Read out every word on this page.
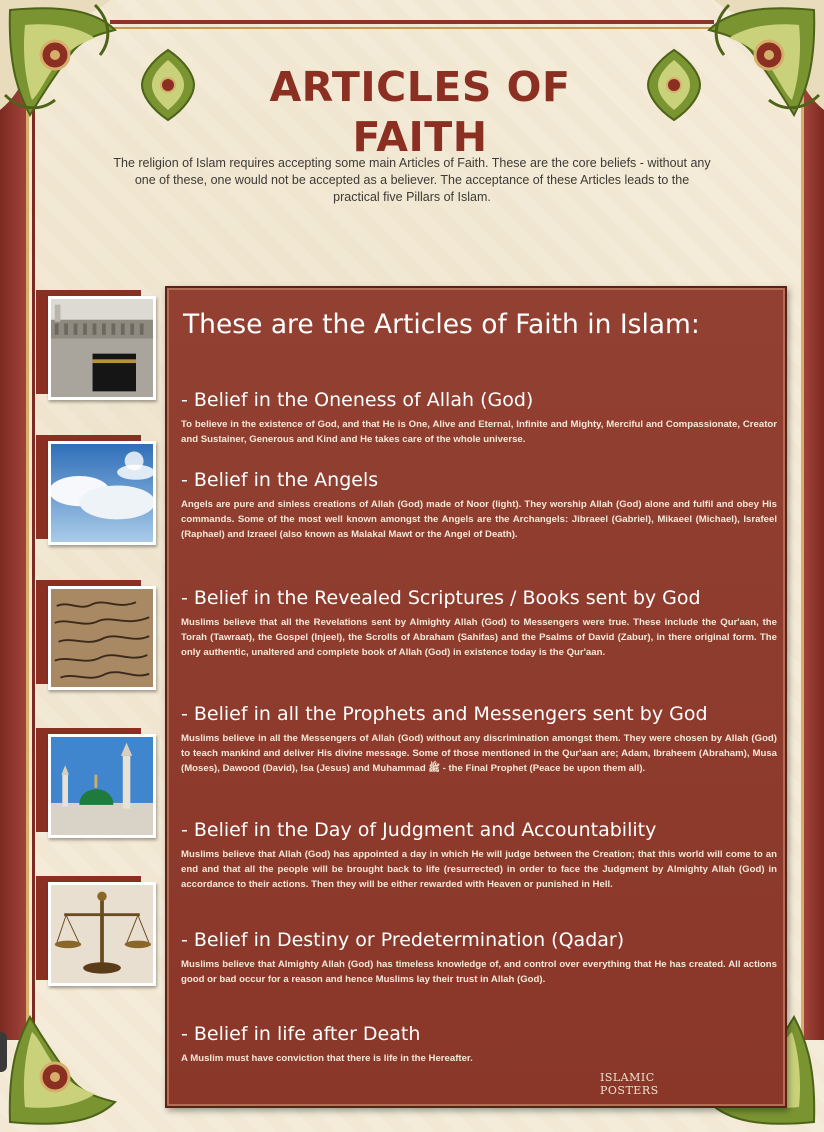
ARTICLES OF FAITH
The religion of Islam requires accepting some main Articles of Faith. These are the core beliefs - without any one of these, one would not be accepted as a believer. The acceptance of these Articles leads to the practical five Pillars of Islam.
These are the Articles of Faith in Islam:
- Belief in the Oneness of Allah (God)
To believe in the existence of God, and that He is One, Alive and Eternal, Infinite and Mighty, Merciful and Compassionate, Creator and Sustainer, Generous and Kind and He takes care of the whole universe.
- Belief in the Angels
Angels are pure and sinless creations of Allah (God) made of Noor (light). They worship Allah (God) alone and fulfil and obey His commands. Some of the most well known amongst the Angels are the Archangels: Jibraeel (Gabriel), Mikaeel (Michael), Israfeel (Raphael) and Izraeel (also known as Malakal Mawt or the Angel of Death).
- Belief in the Revealed Scriptures / Books sent by God
Muslims believe that all the Revelations sent by Almighty Allah (God) to Messengers were true. These include the Qur'aan, the Torah (Tawraat), the Gospel (Injeel), the Scrolls of Abraham (Sahifas) and the Psalms of David (Zabur), in there original form. The only authentic, unaltered and complete book of Allah (God) in existence today is the Qur'aan.
- Belief in all the Prophets and Messengers sent by God
Muslims believe in all the Messengers of Allah (God) without any discrimination amongst them. They were chosen by Allah (God) to teach mankind and deliver His divine message. Some of those mentioned in the Qur'aan are; Adam, Ibraheem (Abraham), Musa (Moses), Dawood (David), Isa (Jesus) and Muhammad ﷺ - the Final Prophet (Peace be upon them all).
- Belief in the Day of Judgment and Accountability
Muslims believe that Allah (God) has appointed a day in which He will judge between the Creation; that this world will come to an end and that all the people will be brought back to life (resurrected) in order to face the Judgment by Almighty Allah (God) in accordance to their actions. Then they will be either rewarded with Heaven or punished in Hell.
- Belief in Destiny or Predetermination (Qadar)
Muslims believe that Almighty Allah (God) has timeless knowledge of, and control over everything that He has created. All actions good or bad occur for a reason and hence Muslims lay their trust in Allah (God).
- Belief in life after Death
A Muslim must have conviction that there is life in the Hereafter.
ISLAMIC POSTERS
